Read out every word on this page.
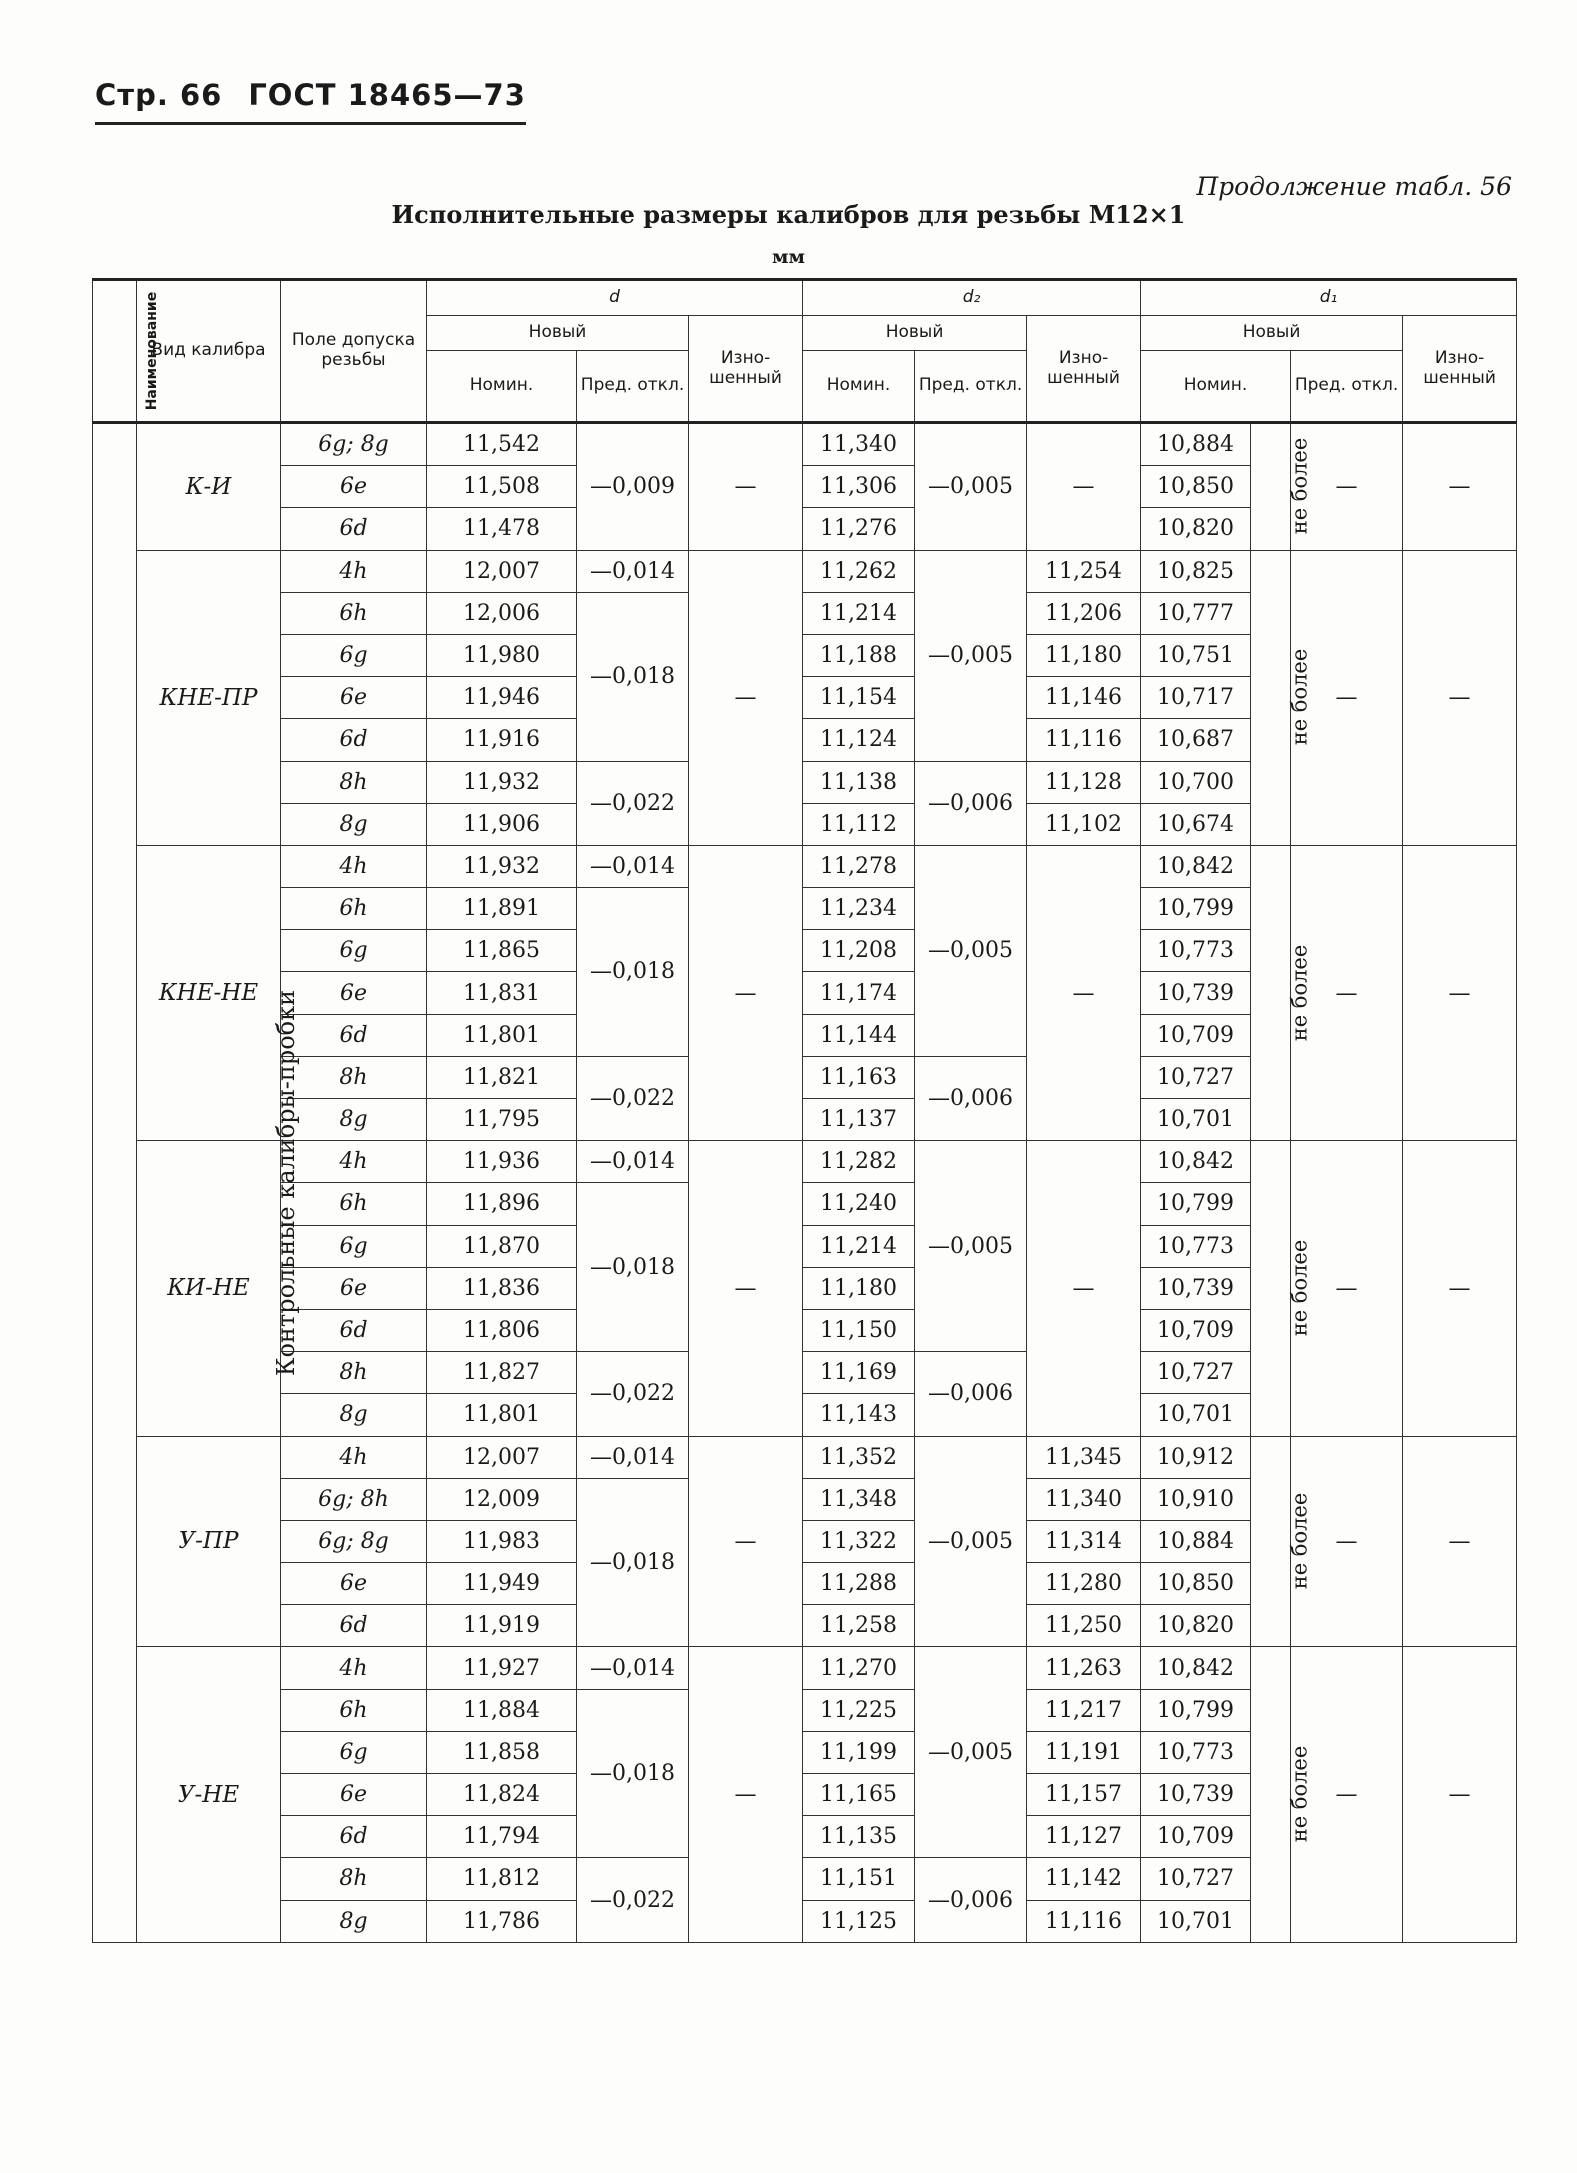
Стр. 66 ГОСТ 18465—73
Продолжение табл. 56
Исполнительные размеры калибров для резьбы M12×1
мм
Наименование	Вид калибра	Поле допуска резьбы	d			d₂			d₁			
			Новый		Изно-шенный	Новый		Изно-шенный	Новый			Изно-шенный
			Номин.	Пред. откл.		Номин.	Пред. откл.		Номин.		Пред. откл.	
Контрольные калибры-пробки	К-И	6g; 8g	11,542	—0,009	—	11,340	—0,005	—	10,884	не более	—	—
		6e	11,508			11,306			10,850			
		6d	11,478			11,276			10,820			
	КНЕ-ПР	4h	12,007	—0,014	—	11,262	—0,005	11,254	10,825	не более	—	—
		6h	12,006	—0,018		11,214		11,206	10,777			
		6g	11,980			11,188		11,180	10,751			
		6e	11,946			11,154		11,146	10,717			
		6d	11,916			11,124		11,116	10,687			
		8h	11,932	—0,022		11,138	—0,006	11,128	10,700			
		8g	11,906			11,112		11,102	10,674			
	КНЕ-НЕ	4h	11,932	—0,014	—	11,278	—0,005	—	10,842	не более	—	—
		6h	11,891	—0,018		11,234			10,799			
		6g	11,865			11,208			10,773			
		6e	11,831			11,174			10,739			
		6d	11,801			11,144			10,709			
		8h	11,821	—0,022		11,163	—0,006		10,727			
		8g	11,795			11,137			10,701			
	КИ-НЕ	4h	11,936	—0,014	—	11,282	—0,005	—	10,842	не более	—	—
		6h	11,896	—0,018		11,240			10,799			
		6g	11,870			11,214			10,773			
		6e	11,836			11,180			10,739			
		6d	11,806			11,150			10,709			
		8h	11,827	—0,022		11,169	—0,006		10,727			
		8g	11,801			11,143			10,701			
	У-ПР	4h	12,007	—0,014	—	11,352	—0,005	11,345	10,912	не более	—	—
		6g; 8h	12,009	—0,018		11,348		11,340	10,910			
		6g; 8g	11,983			11,322		11,314	10,884			
		6e	11,949			11,288		11,280	10,850			
		6d	11,919			11,258		11,250	10,820			
	У-НЕ	4h	11,927	—0,014	—	11,270	—0,005	11,263	10,842	не более	—	—
		6h	11,884	—0,018		11,225		11,217	10,799			
		6g	11,858			11,199		11,191	10,773			
		6e	11,824			11,165		11,157	10,739			
		6d	11,794			11,135		11,127	10,709			
		8h	11,812	—0,022		11,151	—0,006	11,142	10,727			
		8g	11,786			11,125		11,116	10,701			
